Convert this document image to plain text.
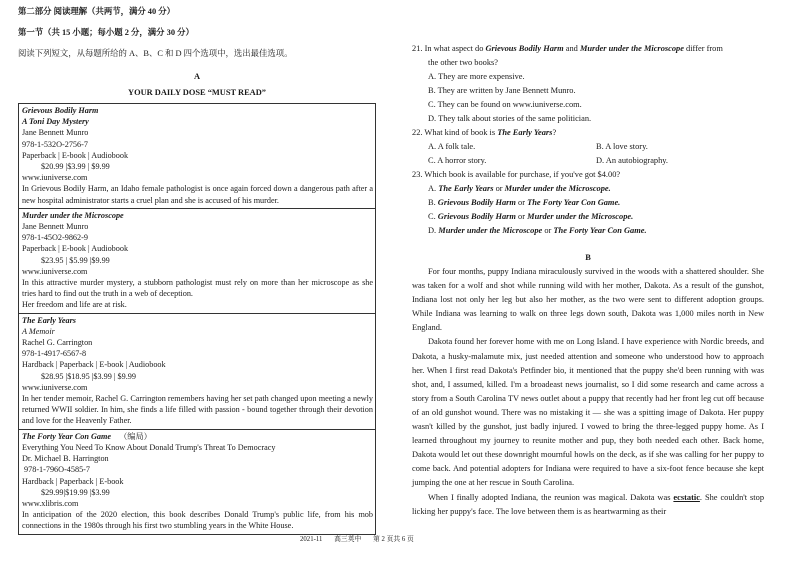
第二部分 阅读理解（共两节，满分 40 分）
第一节（共 15 小题；每小题 2 分，满分 30 分）
阅读下列短文，从每题所给的 A、B、C 和 D 四个选项中，选出最佳选项。
A
YOUR DAILY DOSE “MUST READ”
Grievous Bodily Harm
A Toni Day Mystery
Jane Bennett Munro
978-1-532O-2756-7
Paperback | E-book | Audiobook
$20.99 |$3.99 | $9.99
www.iuniverse.com
In Grievous Bodily Harm, an Idaho female pathologist is once again forced down a dangerous path after a new hospital administrator starts a cruel plan and she is accused of his murder.
Murder under the Microscope
Jane Bennett Munro
978-1-45O2-9862-9
Paperback | E-book | Audiobook
$23.95 | $5.99 |$9.99
www.iuniverse.com
In this attractive murder mystery, a stubborn pathologist must rely on more than her microscope as she tries hard to find out the truth in a web of deception.
Her freedom and life are at risk.
The Early Years
A Memoir
Rachel G. Carrington
978-1-4917-6567-8
Hardback | Paperback | E-book | Audiobook
$28.95 |$18.95 |$3.99 | $9.99
www.iuniverse.com
In her tender memoir, Rachel G. Carrington remembers having her set path changed upon meeting a newly returned WWII soldier. In him, she finds a life filled with passion - bound together through their devotion and love for the Heavenly Father.
The Forty Year Con Game （编局）
Everything You Need To Know About Donald Trump's Threat To Democracy
Dr. Michael B. Harrington
978-1-796O-4585-7
Hardback | Paperback | E-book
$29.99|$19.99 |$3.99
www.xlibris.com
In anticipation of the 2020 election, this book describes Donald Trump's public life, from his mob connections in the 1980s through his first two stumbling years in the White House.
21. In what aspect do Grievous Bodily Harm and Murder under the Microscope differ from
the other two books?
A. They are more expensive.
B. They are written by Jane Bennett Munro.
C. They can be found on www.iuniverse.com.
D. They talk about stories of the same politician.
22. What kind of book is The Early Years?
A. A folk tale.	B. A love story.
C. A horror story.	D. An autobiography.
23. Which book is available for purchase, if you've got $4.00?
A. The Early Years or Murder under the Microscope.
B. Grievous Bodily Harm or The Forty Year Con Game.
C. Grievous Bodily Harm or Murder under the Microscope.
D. Murder under the Microscope or The Forty Year Con Game.
B

For four months, puppy Indiana miraculously survived in the woods with a shattered shoulder. She was taken for a wolf and shot while running wild with her mother, Dakota. As a result of the gunshot, Indiana lost not only her leg but also her mother, as the two were sent to different adoption groups. While Indiana was learning to walk on three legs down south, Dakota was 1,000 miles north in New England.

Dakota found her forever home with me on Long Island. I have experience with Nordic breeds, and Dakota, a husky-malamute mix, just needed attention and someone who understood how to approach her. When I first read Dakota's Petfinder bio, it mentioned that the puppy she'd been running with was shot, and, I assumed, killed. I'm a broadeast news journalist, so I did some research and came across a story from a South Carolina TV news outlet about a puppy that recently had her front leg cut off because of an old gunshot wound. There was no mistaking it — she was a spitting image of Dakota. Her puppy wasn't killed by the gunshot, just badly injured. I vowed to bring the three-legged puppy home. As I learned throughout my journey to reunite mother and pup, they both needed each other. Back home, Dakota would let out these downright mournful howls on the deck, as if she was calling for her puppy to come back. And potential adopters for Indiana were required to have a six-foot fence because she kept jumping the one at her rescue in South Carolina.

When I finally adopted Indiana, the reunion was magical. Dakota was ecstatic. She couldn't stop licking her puppy's face. The love between them is as heartwarming as their

2021-11 高三英中 第 2 页共 6 页
